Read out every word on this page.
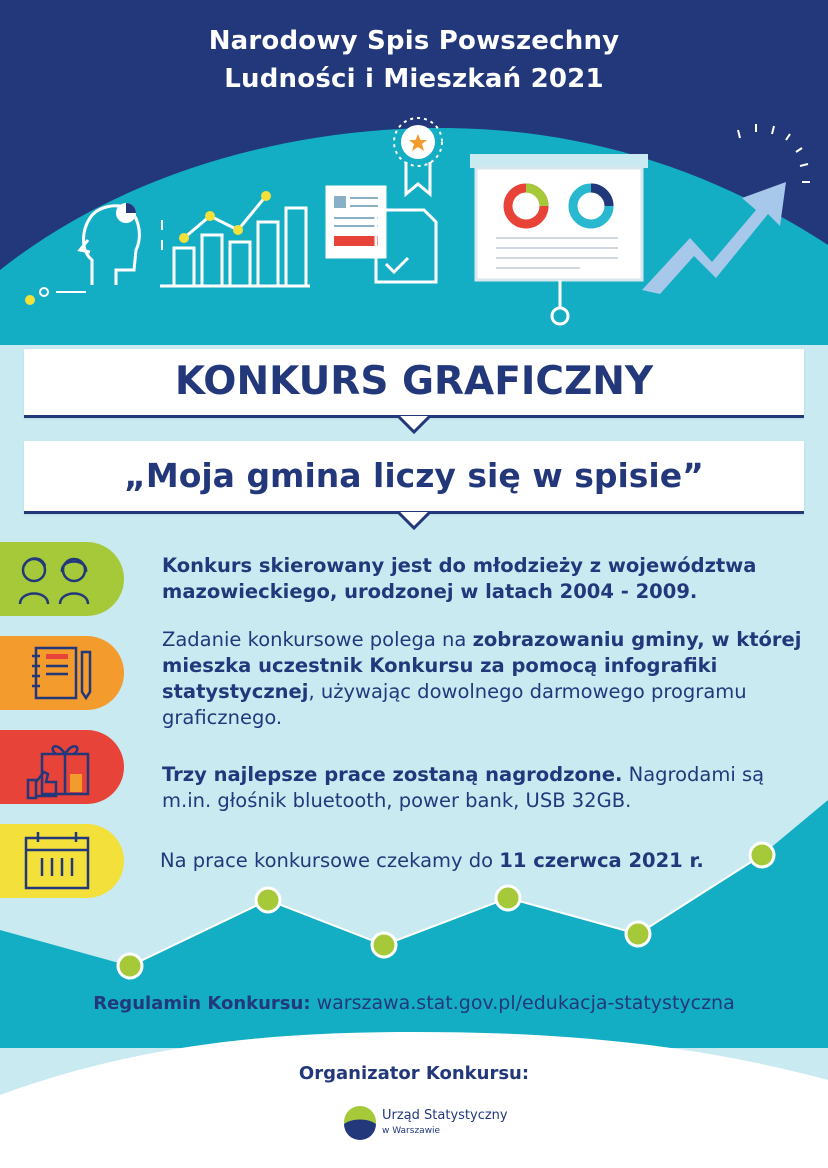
Narodowy Spis Powszechny
Ludności i Mieszkań 2021
KONKURS GRAFICZNY
„Moja gmina liczy się w spisie”
Konkurs skierowany jest do młodzieży z województwa mazowieckiego, urodzonej w latach 2004 - 2009.
Zadanie konkursowe polega na zobrazowaniu gminy, w której mieszka uczestnik Konkursu za pomocą infografiki statystycznej, używając dowolnego darmowego programu graficznego.
Trzy najlepsze prace zostaną nagrodzone. Nagrodami są m.in. głośnik bluetooth, power bank, USB 32GB.
Na prace konkursowe czekamy do 11 czerwca 2021 r.
Regulamin Konkursu: warszawa.stat.gov.pl/edukacja-statystyczna
Organizator Konkursu:
Urząd Statystyczny
w Warszawie
KONSTANCIN-
-JEZIORNA
więcej niż
uzdrowisko
